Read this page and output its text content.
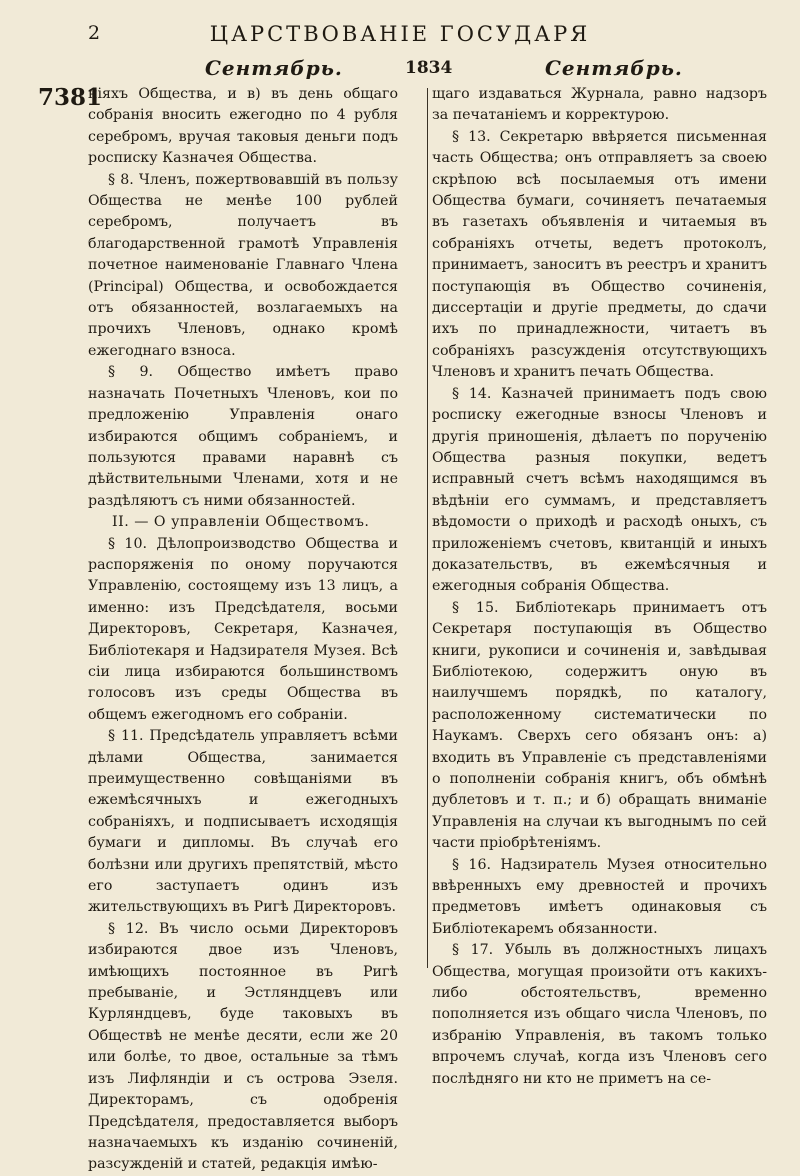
2	ЦАРСТВОВАНІЕ ГОСУДАРЯ
Сентябрь.	1834	Сентябрь.
7381

ніяхъ Общества, и в) въ день общаго собранія вносить ежегодно по 4 рубля серебромъ, вручая таковыя деньги подъ росписку Казначея Общества.

§ 8. Членъ, пожертвовавшій въ пользу Общества не менѣе 100 рублей серебромъ, получаетъ въ благодарственной грамотѣ Управленія почетное наименованіе Главнаго Члена (Principal) Общества, и освобождается отъ обязанностей, возлагаемыхъ на прочихъ Членовъ, однако кромѣ ежегоднаго взноса.

§ 9. Общество имѣетъ право назначать Почетныхъ Членовъ, кои по предложенію Управленія онаго избираются общимъ собраніемъ, и пользуются правами наравнѣ съ дѣйствительными Членами, хотя и не раздѣляютъ съ ними обязанностей.

II. — О управленіи Обществомъ.

§ 10. Дѣлопроизводство Общества и распоряженія по оному поручаются Управленію, состоящему изъ 13 лицъ, а именно: изъ Предсѣдателя, восьми Директоровъ, Секретаря, Казначея, Библіотекаря и Надзирателя Музея. Всѣ сіи лица избираются большинствомъ голосовъ изъ среды Общества въ общемъ ежегодномъ его собраніи.

§ 11. Предсѣдатель управляетъ всѣми дѣлами Общества, занимается преимущественно совѣщаніями въ ежемѣсячныхъ и ежегодныхъ собраніяхъ, и подписываетъ исходящія бумаги и дипломы. Въ случаѣ его болѣзни или другихъ препятствій, мѣсто его заступаетъ одинъ изъ жительствующихъ въ Ригѣ Директоровъ.

§ 12. Въ число осьми Директоровъ избираются двое изъ Членовъ, имѣющихъ постоянное въ Ригѣ пребываніе, и Эстляндцевъ или Курляндцевъ, буде таковыхъ въ Обществѣ не менѣе десяти, если же 20 или болѣе, то двое, остальные за тѣмъ изъ Лифляндіи и съ острова Эзеля. Директорамъ, съ одобренія Предсѣдателя, предоставляется выборъ назначаемыхъ къ изданію сочиненій, разсужденій и статей, редакція имѣю-

щаго издаваться Журнала, равно надзоръ за печатаніемъ и корректурою.

§ 13. Секретарю ввѣряется письменная часть Общества; онъ отправляетъ за своею скрѣпою всѣ посылаемыя отъ имени Общества бумаги, сочиняетъ печатаемыя въ газетахъ объявленія и читаемыя въ собраніяхъ отчеты, ведетъ протоколъ, принимаетъ, заноситъ въ реестръ и хранитъ поступающія въ Общество сочиненія, диссертаціи и другіе предметы, до сдачи ихъ по принадлежности, читаетъ въ собраніяхъ разсужденія отсутствующихъ Членовъ и хранитъ печать Общества.

§ 14. Казначей принимаетъ подъ свою росписку ежегодные взносы Членовъ и другія приношенія, дѣлаетъ по порученію Общества разныя покупки, ведетъ исправный счетъ всѣмъ находящимся въ вѣдѣніи его суммамъ, и представляетъ вѣдомости о приходѣ и расходѣ оныхъ, съ приложеніемъ счетовъ, квитанцій и иныхъ доказательствъ, въ ежемѣсячныя и ежегодныя собранія Общества.

§ 15. Библіотекарь принимаетъ отъ Секретаря поступающія въ Общество книги, рукописи и сочиненія и, завѣдывая Библіотекою, содержитъ оную въ наилучшемъ порядкѣ, по каталогу, расположенному систематически по Наукамъ. Сверхъ сего обязанъ онъ: а) входить въ Управленіе съ представленіями о пополненіи собранія книгъ, объ обмѣнѣ дублетовъ и т. п.; и б) обращать вниманіе Управленія на случаи къ выгоднымъ по сей части пріобрѣтеніямъ.

§ 16. Надзиратель Музея относительно ввѣренныхъ ему древностей и прочихъ предметовъ имѣетъ одинаковыя съ Библіотекаремъ обязанности.

§ 17. Убыль въ должностныхъ лицахъ Общества, могущая произойти отъ какихъ-либо обстоятельствъ, временно пополняется изъ общаго числа Членовъ, по избранію Управленія, въ такомъ только впрочемъ случаѣ, когда изъ Членовъ сего послѣдняго ни кто не приметъ на се-
